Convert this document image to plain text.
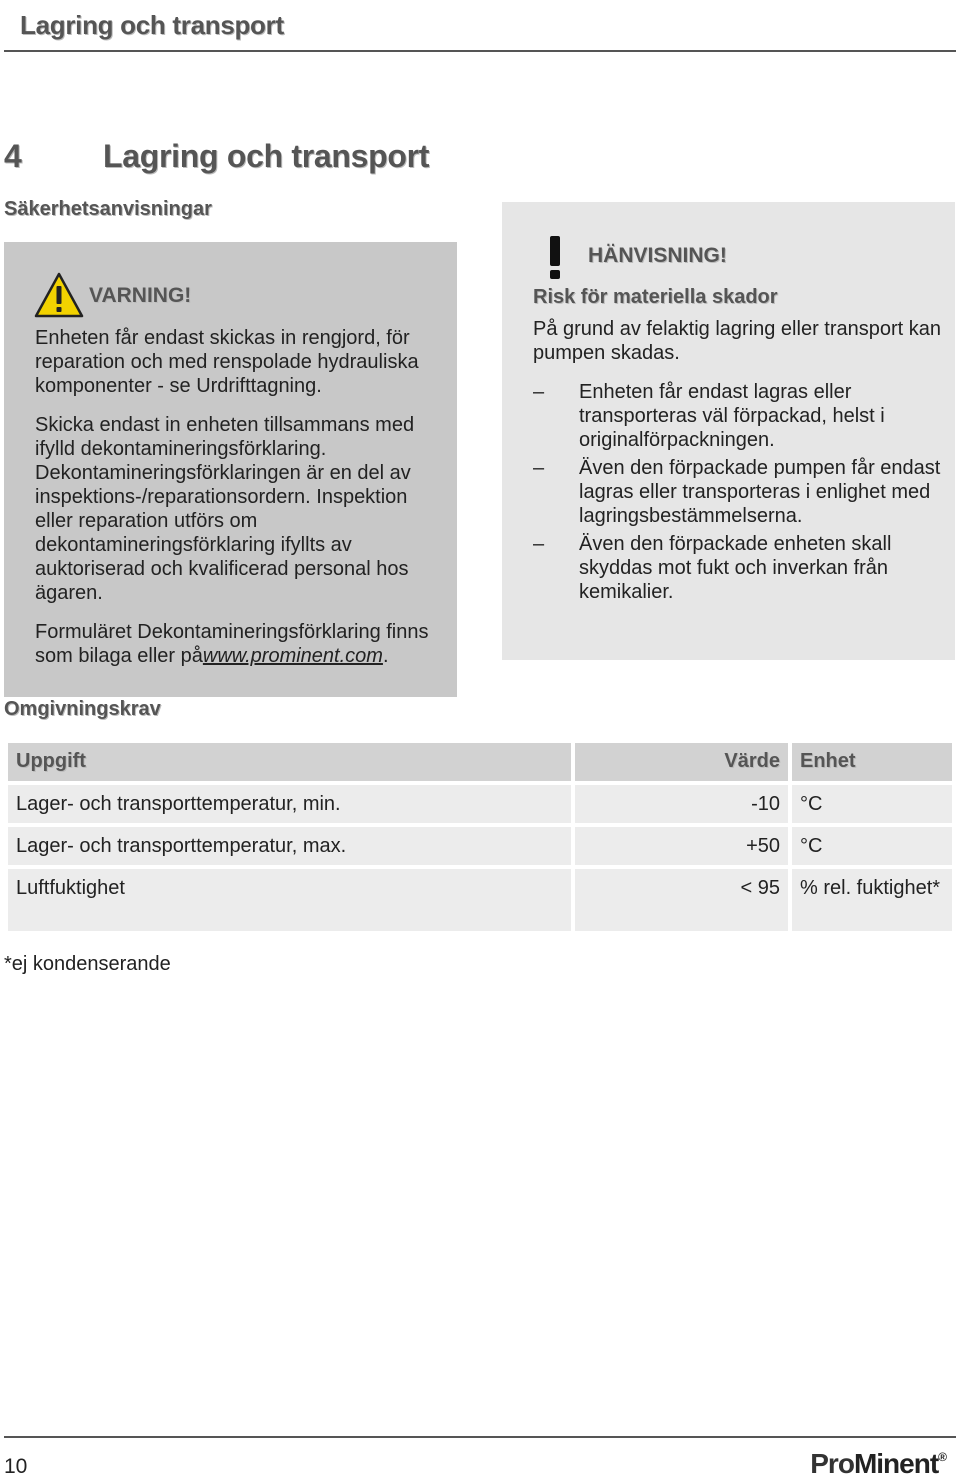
Lagring och transport
4	Lagring och transport
Säkerhetsanvisningar
VARNING!

Enheten får endast skickas in rengjord, för reparation och med renspolade hydrauliska komponenter - se Urdrifttagning.

Skicka endast in enheten tillsammans med ifylld dekontamineringsförklaring. Dekontamineringsförklaringen är en del av inspektions-/reparationsordern. Inspektion eller reparation utförs om dekontamineringsförklaring ifyllts av auktoriserad och kvalificerad personal hos ägaren.

Formuläret Dekontamineringsförklaring finns som bilaga eller påwww.prominent.com.

HÄNVISNING!
Risk för materiella skador
På grund av felaktig lagring eller transport kan pumpen skadas.
– Enheten får endast lagras eller transporteras väl förpackad, helst i originalförpackningen.
– Även den förpackade pumpen får endast lagras eller transporteras i enlighet med lagringsbestämmelserna.
– Även den förpackade enheten skall skyddas mot fukt och inverkan från kemikalier.
Omgivningskrav
Uppgift	Värde	Enhet
Lager- och transporttemperatur, min.	-10	°C
Lager- och transporttemperatur, max.	+50	°C
Luftfuktighet	< 95	% rel. fuktighet*
*ej kondenserande
10	ProMinent®
